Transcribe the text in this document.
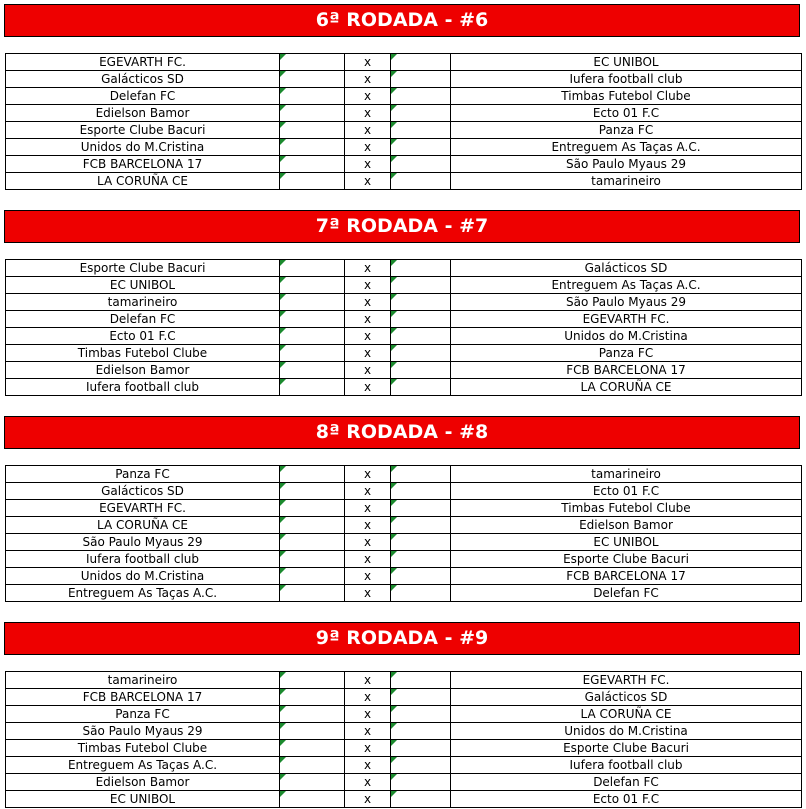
6ª RODADA - #6
EGEVARTH FC.		x		EC UNIBOL
Galácticos SD		x		Iufera football club
Delefan FC		x		Timbas Futebol Clube
Edielson Bamor		x		Ecto 01 F.C
Esporte Clube Bacuri		x		Panza FC
Unidos do M.Cristina		x		Entreguem As Taças A.C.
FCB BARCELONA 17		x		São Paulo Myaus 29
LA CORUÑA CE		x		tamarineiro
7ª RODADA - #7
Esporte Clube Bacuri		x		Galácticos SD
EC UNIBOL		x		Entreguem As Taças A.C.
tamarineiro		x		São Paulo Myaus 29
Delefan FC		x		EGEVARTH FC.
Ecto 01 F.C		x		Unidos do M.Cristina
Timbas Futebol Clube		x		Panza FC
Edielson Bamor		x		FCB BARCELONA 17
Iufera football club		x		LA CORUÑA CE
8ª RODADA - #8
Panza FC		x		tamarineiro
Galácticos SD		x		Ecto 01 F.C
EGEVARTH FC.		x		Timbas Futebol Clube
LA CORUÑA CE		x		Edielson Bamor
São Paulo Myaus 29		x		EC UNIBOL
Iufera football club		x		Esporte Clube Bacuri
Unidos do M.Cristina		x		FCB BARCELONA 17
Entreguem As Taças A.C.		x		Delefan FC
9ª RODADA - #9
tamarineiro		x		EGEVARTH FC.
FCB BARCELONA 17		x		Galácticos SD
Panza FC		x		LA CORUÑA CE
São Paulo Myaus 29		x		Unidos do M.Cristina
Timbas Futebol Clube		x		Esporte Clube Bacuri
Entreguem As Taças A.C.		x		Iufera football club
Edielson Bamor		x		Delefan FC
EC UNIBOL		x		Ecto 01 F.C
